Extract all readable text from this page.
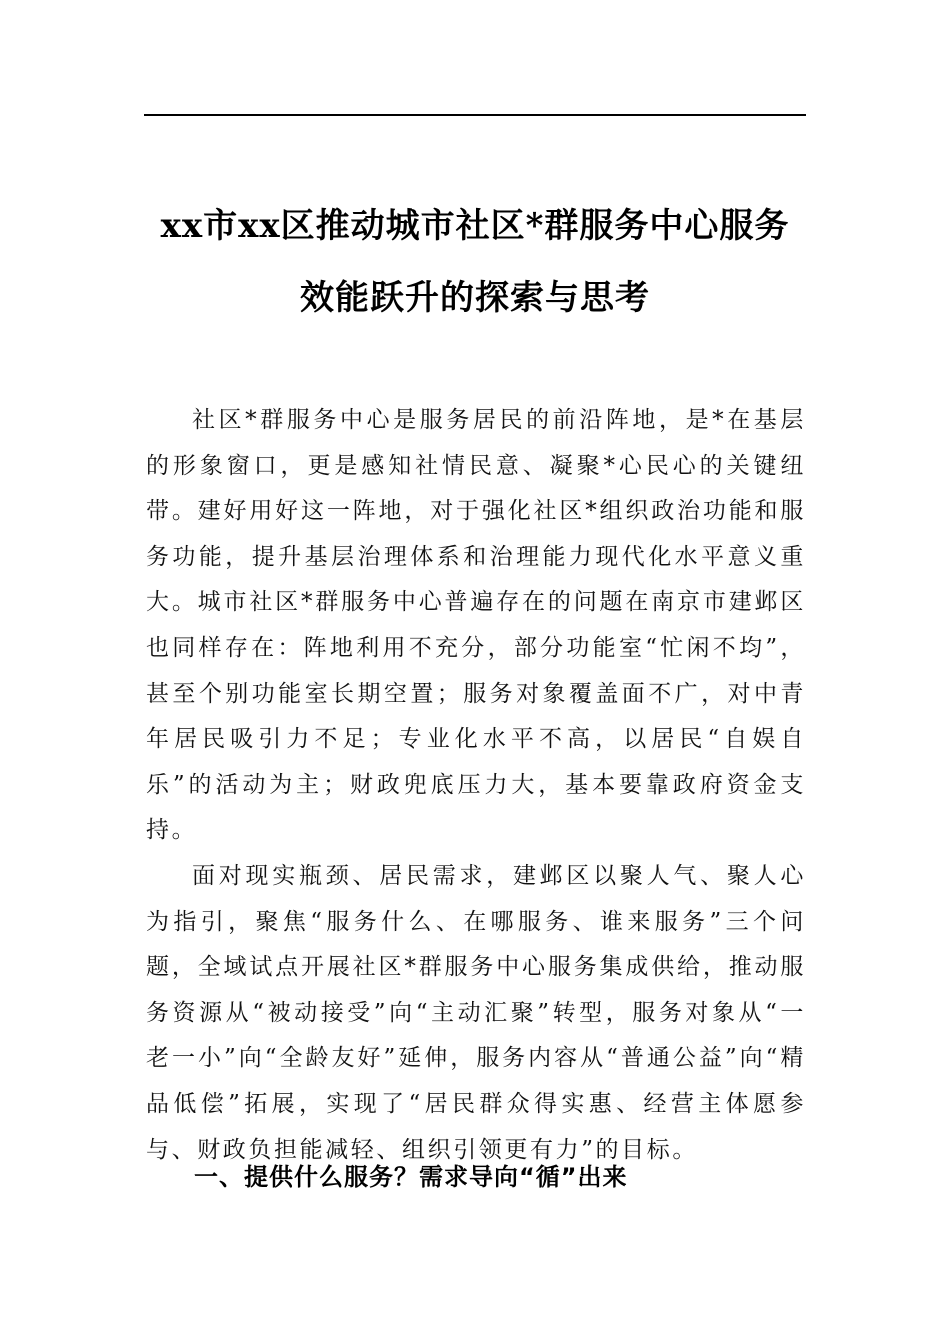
xx市xx区推动城市社区*群服务中心服务
效能跃升的探索与思考

社区*群服务中心是服务居民的前沿阵地，是*在基层的形象窗口，更是感知社情民意、凝聚*心民心的关键纽带。建好用好这一阵地，对于强化社区*组织政治功能和服务功能，提升基层治理体系和治理能力现代化水平意义重大。城市社区*群服务中心普遍存在的问题在南京市建邺区也同样存在：阵地利用不充分，部分功能室“忙闲不均”，甚至个别功能室长期空置；服务对象覆盖面不广，对中青年居民吸引力不足；专业化水平不高，以居民“自娱自乐”的活动为主；财政兜底压力大，基本要靠政府资金支持。

面对现实瓶颈、居民需求，建邺区以聚人气、聚人心为指引，聚焦“服务什么、在哪服务、谁来服务”三个问题，全域试点开展社区*群服务中心服务集成供给，推动服务资源从“被动接受”向“主动汇聚”转型，服务对象从“一老一小”向“全龄友好”延伸，服务内容从“普通公益”向“精品低偿”拓展，实现了“居民群众得实惠、经营主体愿参与、财政负担能减轻、组织引领更有力”的目标。

一、提供什么服务？需求导向“循”出来
